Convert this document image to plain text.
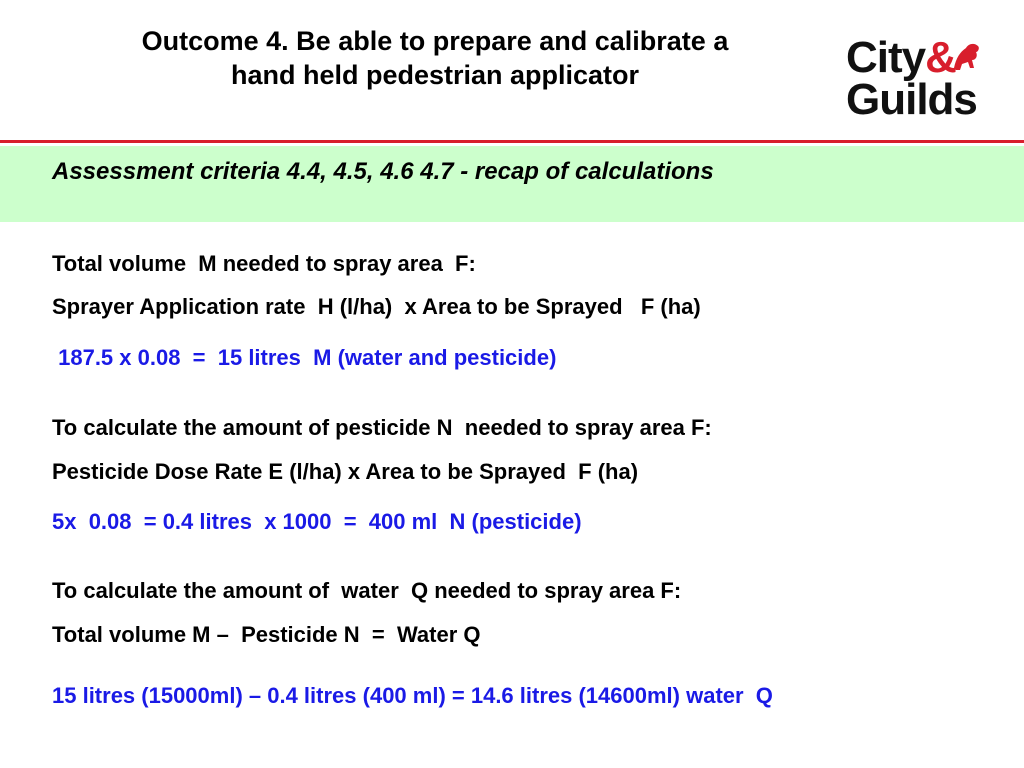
Outcome 4. Be able to prepare and calibrate a
hand held pedestrian applicator	City&
Guilds
Assessment criteria 4.4, 4.5, 4.6 4.7 - recap of calculations
Total volume  M needed to spray area  F:
Sprayer Application rate  H (l/ha)  x Area to be Sprayed   F (ha)
187.5 x 0.08  =  15 litres  M (water and pesticide)
To calculate the amount of pesticide N  needed to spray area F:
Pesticide Dose Rate E (l/ha) x Area to be Sprayed  F (ha)
5x  0.08  = 0.4 litres  x 1000  =  400 ml  N (pesticide)
To calculate the amount of  water  Q needed to spray area F:
Total volume M –  Pesticide N  =  Water Q
15 litres (15000ml) – 0.4 litres (400 ml) = 14.6 litres (14600ml) water  Q
